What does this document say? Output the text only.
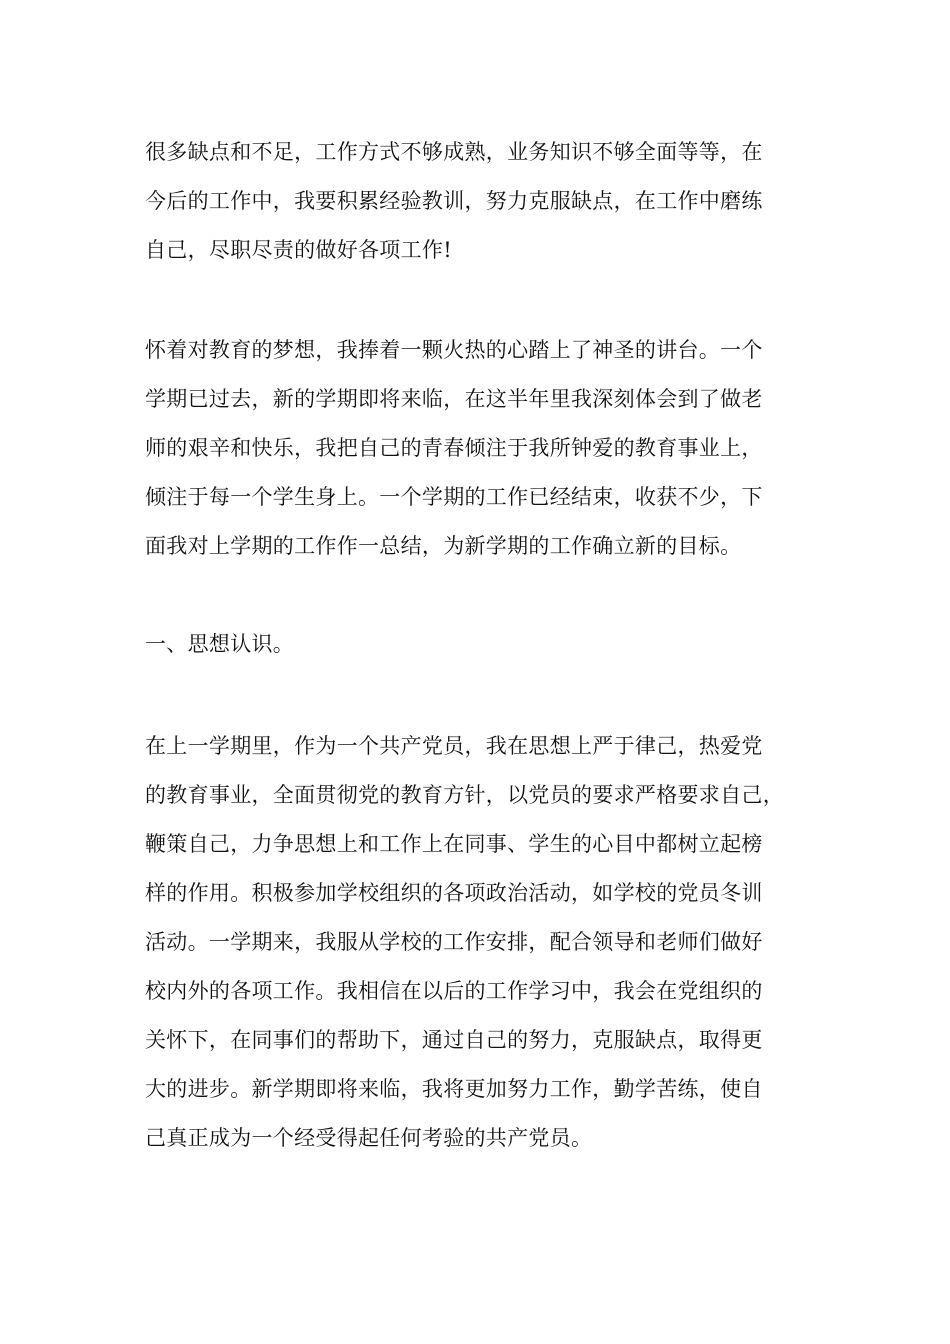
很多缺点和不足，工作方式不够成熟，业务知识不够全面等等，在
今后的工作中，我要积累经验教训，努力克服缺点，在工作中磨练
自己，尽职尽责的做好各项工作!
怀着对教育的梦想，我捧着一颗火热的心踏上了神圣的讲台。一个
学期已过去，新的学期即将来临，在这半年里我深刻体会到了做老
师的艰辛和快乐，我把自己的青春倾注于我所钟爱的教育事业上，
倾注于每一个学生身上。一个学期的工作已经结束，收获不少，下
面我对上学期的工作作一总结，为新学期的工作确立新的目标。
一、思想认识。
在上一学期里，作为一个共产党员，我在思想上严于律己，热爱党
的教育事业，全面贯彻党的教育方针，以党员的要求严格要求自己，
鞭策自己，力争思想上和工作上在同事、学生的心目中都树立起榜
样的作用。积极参加学校组织的各项政治活动，如学校的党员冬训
活动。一学期来，我服从学校的工作安排，配合领导和老师们做好
校内外的各项工作。我相信在以后的工作学习中，我会在党组织的
关怀下，在同事们的帮助下，通过自己的努力，克服缺点，取得更
大的进步。新学期即将来临，我将更加努力工作，勤学苦练，使自
己真正成为一个经受得起任何考验的共产党员。
